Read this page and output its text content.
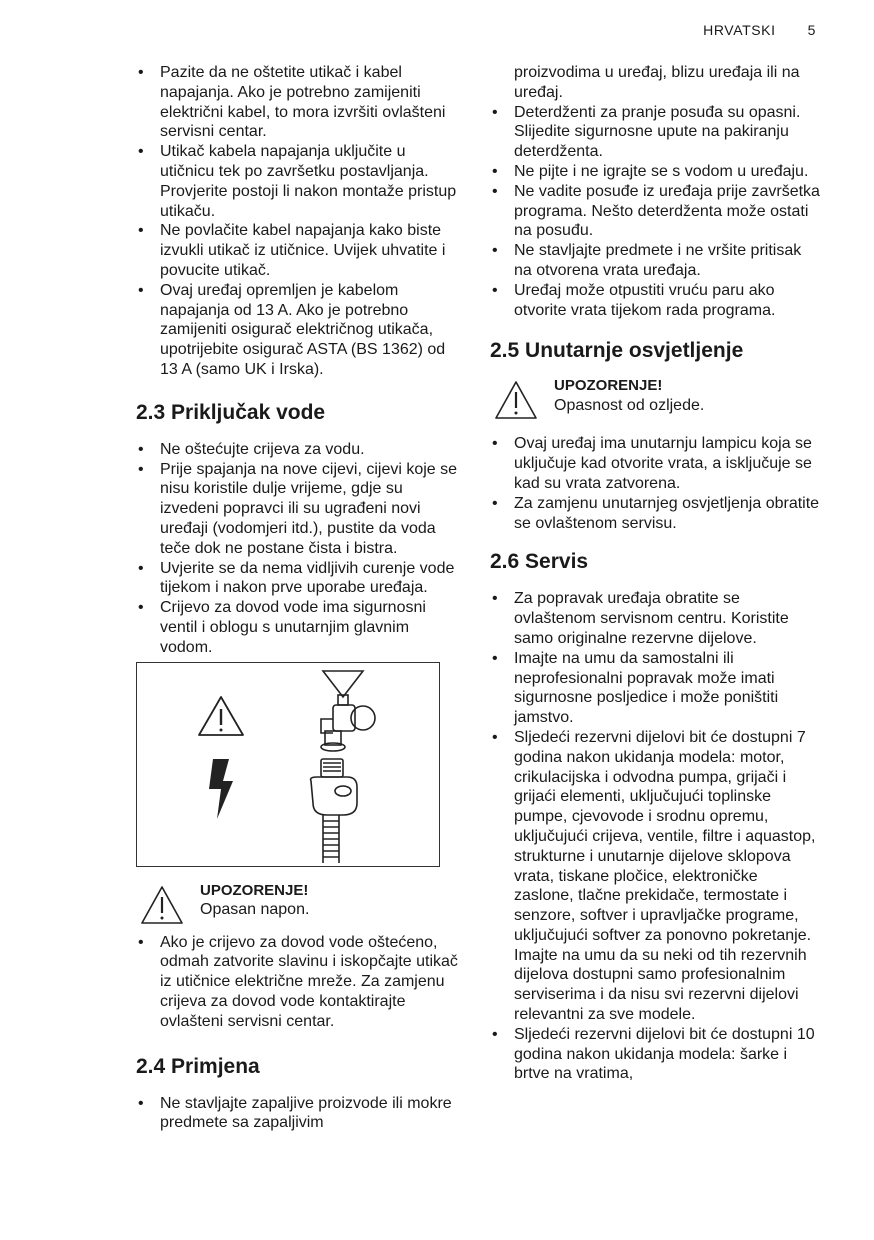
HRVATSKI 5
• Pazite da ne oštetite utikač i kabel napajanja. Ako je potrebno zamijeniti električni kabel, to mora izvršiti ovlašteni servisni centar.
• Utikač kabela napajanja uključite u utičnicu tek po završetku postavljanja. Provjerite postoji li nakon montaže pristup utikaču.
• Ne povlačite kabel napajanja kako biste izvukli utikač iz utičnice. Uvijek uhvatite i povucite utikač.
• Ovaj uređaj opremljen je kabelom napajanja od 13 A. Ako je potrebno zamijeniti osigurač električnog utikača, upotrijebite osigurač ASTA (BS 1362) od 13 A (samo UK i Irska).
2.3 Priključak vode
• Ne oštećujte crijeva za vodu.
• Prije spajanja na nove cijevi, cijevi koje se nisu koristile dulje vrijeme, gdje su izvedeni popravci ili su ugrađeni novi uređaji (vodomjeri itd.), pustite da voda teče dok ne postane čista i bistra.
• Uvjerite se da nema vidljivih curenje vode tijekom i nakon prve uporabe uređaja.
• Crijevo za dovod vode ima sigurnosni ventil i oblogu s unutarnjim glavnim vodom.
UPOZORENJE!
Opasan napon.
• Ako je crijevo za dovod vode oštećeno, odmah zatvorite slavinu i iskopčajte utikač iz utičnice električne mreže. Za zamjenu crijeva za dovod vode kontaktirajte ovlašteni servisni centar.
2.4 Primjena
• Ne stavljajte zapaljive proizvode ili mokre predmete sa zapaljivim
proizvodima u uređaj, blizu uređaja ili na uređaj.
• Deterdženti za pranje posuđa su opasni. Slijedite sigurnosne upute na pakiranju deterdženta.
• Ne pijte i ne igrajte se s vodom u uređaju.
• Ne vadite posuđe iz uređaja prije završetka programa. Nešto deterdženta može ostati na posuđu.
• Ne stavljajte predmete i ne vršite pritisak na otvorena vrata uređaja.
• Uređaj može otpustiti vruću paru ako otvorite vrata tijekom rada programa.
2.5 Unutarnje osvjetljenje
UPOZORENJE!
Opasnost od ozljede.
• Ovaj uređaj ima unutarnju lampicu koja se uključuje kad otvorite vrata, a isključuje se kad su vrata zatvorena.
• Za zamjenu unutarnjeg osvjetljenja obratite se ovlaštenom servisu.
2.6 Servis
• Za popravak uređaja obratite se ovlaštenom servisnom centru. Koristite samo originalne rezervne dijelove.
• Imajte na umu da samostalni ili neprofesionalni popravak može imati sigurnosne posljedice i može poništiti jamstvo.
• Sljedeći rezervni dijelovi bit će dostupni 7 godina nakon ukidanja modela: motor, crikulacijska i odvodna pumpa, grijači i grijaći elementi, uključujući toplinske pumpe, cjevovode i srodnu opremu, uključujući crijeva, ventile, filtre i aquastop, strukturne i unutarnje dijelove sklopova vrata, tiskane pločice, elektroničke zaslone, tlačne prekidače, termostate i senzore, softver i upravljačke programe, uključujući softver za ponovno pokretanje. Imajte na umu da su neki od tih rezervnih dijelova dostupni samo profesionalnim serviserima i da nisu svi rezervni dijelovi relevantni za sve modele.
• Sljedeći rezervni dijelovi bit će dostupni 10 godina nakon ukidanja modela: šarke i brtve na vratima,
